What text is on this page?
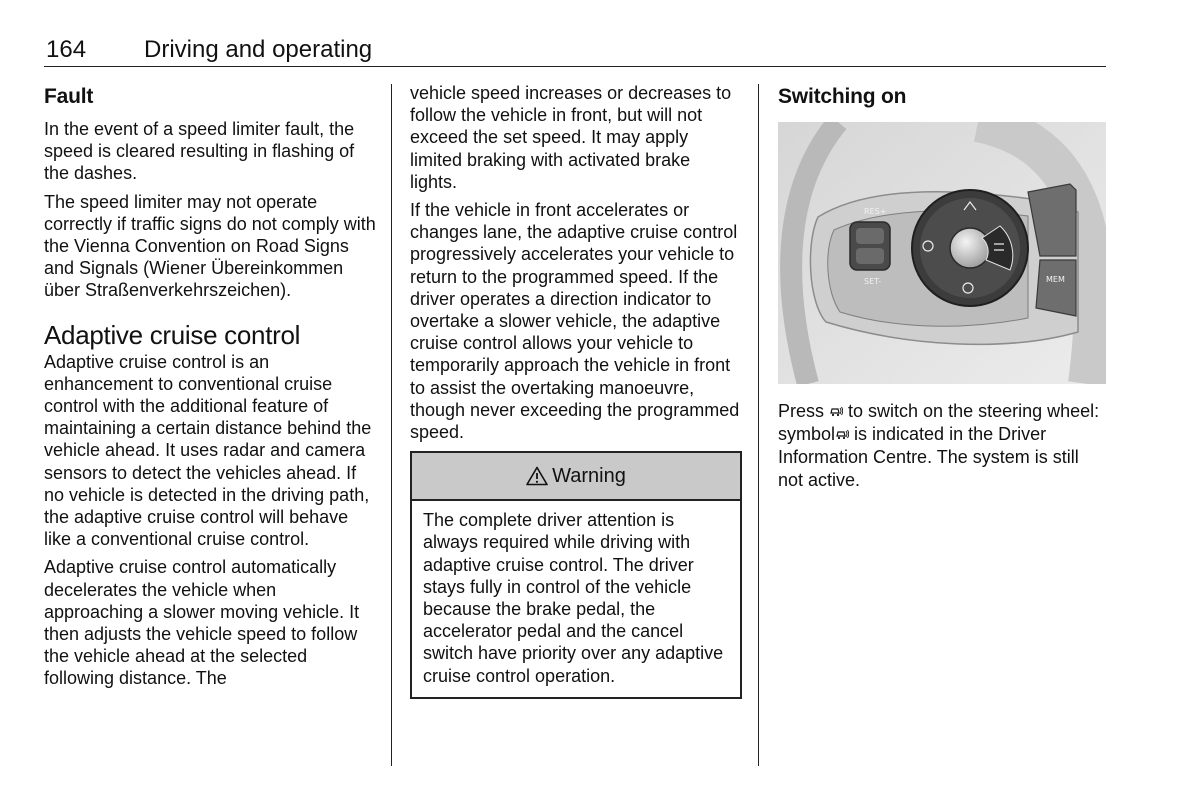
164 Driving and operating
Fault

In the event of a speed limiter fault, the speed is cleared resulting in flashing of the dashes.

The speed limiter may not operate correctly if traffic signs do not comply with the Vienna Convention on Road Signs and Signals (Wiener Übereinkommen über Straßenverkehrszeichen).

Adaptive cruise control

Adaptive cruise control is an enhancement to conventional cruise control with the additional feature of maintaining a certain distance behind the vehicle ahead. It uses radar and camera sensors to detect the vehicles ahead. If no vehicle is detected in the driving path, the adaptive cruise control will behave like a conventional cruise control.

Adaptive cruise control automatically decelerates the vehicle when approaching a slower moving vehicle. It then adjusts the vehicle speed to follow the vehicle ahead at the selected following distance. The

vehicle speed increases or decreases to follow the vehicle in front, but will not exceed the set speed. It may apply limited braking with activated brake lights.

If the vehicle in front accelerates or changes lane, the adaptive cruise control progressively accelerates your vehicle to return to the programmed speed. If the driver operates a direction indicator to overtake a slower vehicle, the adaptive cruise control allows your vehicle to temporarily approach the vehicle in front to assist the overtaking manoeuvre, though never exceeding the programmed speed.

Warning

The complete driver attention is always required while driving with adaptive cruise control. The driver stays fully in control of the vehicle because the brake pedal, the accelerator pedal and the cancel switch have priority over any adaptive cruise control operation.

Switching on
RES+
SET-	MEM

Press  to switch on the steering wheel: symbol is indicated in the Driver Information Centre. The system is still not active.
